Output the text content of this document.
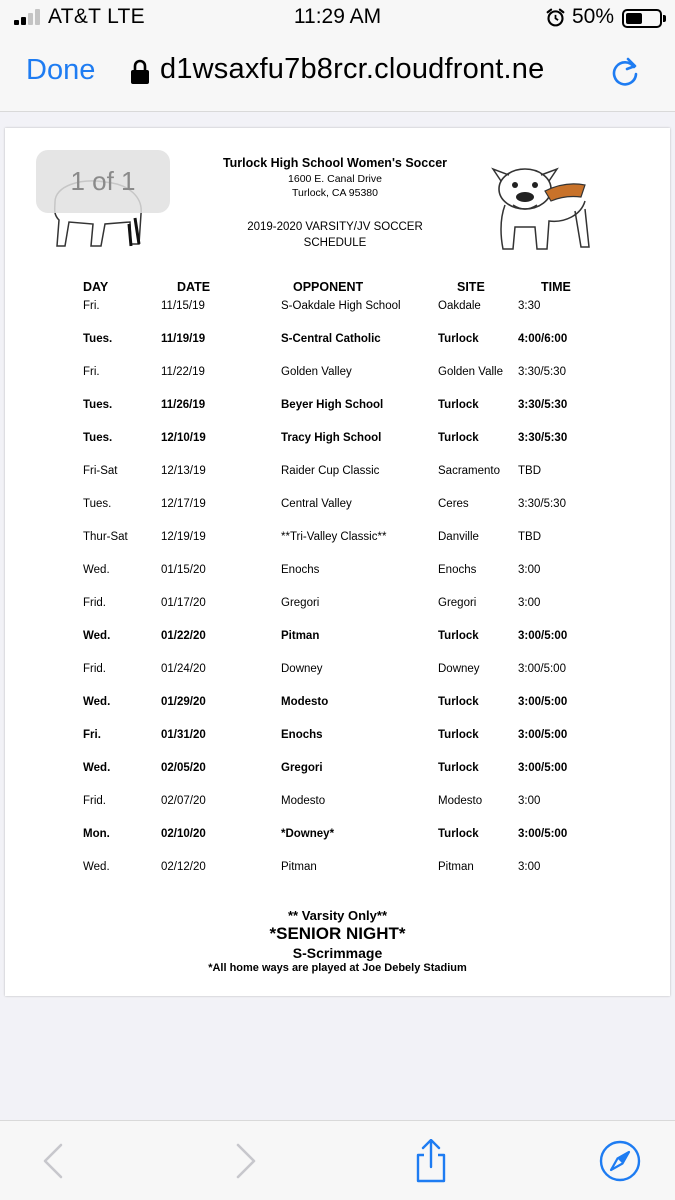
AT&T LTE	11:29 AM	50%
Done d1wsaxfu7b8rcr.cloudfront.ne
Turlock High School Women's Soccer
1600 E. Canal Drive
Turlock, CA 95380
2019-2020 VARSITY/JV SOCCER
SCHEDULE
1 of 1
DAY	DATE	OPPONENT	SITE	TIME
Fri.	11/15/19	S-Oakdale High School	Oakdale	3:30
Tues.	11/19/19	S-Central Catholic	Turlock	4:00/6:00
Fri.	11/22/19	Golden Valley	Golden Valle 3:30/5:30
Tues.	11/26/19	Beyer High School	Turlock	3:30/5:30
Tues.	12/10/19	Tracy High School	Turlock	3:30/5:30
Fri-Sat	12/13/19	Raider Cup Classic	Sacramento TBD
Tues.	12/17/19	Central Valley	Ceres	3:30/5:30
Thur-Sat	12/19/19	**Tri-Valley Classic**	Danville	TBD
Wed.	01/15/20	Enochs	Enochs	3:00
Frid.	01/17/20	Gregori	Gregori	3:00
Wed.	01/22/20	Pitman	Turlock	3:00/5:00
Frid.	01/24/20	Downey	Downey	3:00/5:00
Wed.	01/29/20	Modesto	Turlock	3:00/5:00
Fri.	01/31/20	Enochs	Turlock	3:00/5:00
Wed.	02/05/20	Gregori	Turlock	3:00/5:00
Frid.	02/07/20	Modesto	Modesto	3:00
Mon.	02/10/20	*Downey*	Turlock	3:00/5:00
Wed.	02/12/20	Pitman	Pitman	3:00
** Varsity Only**
*SENIOR NIGHT*
S-Scrimmage
*All home ways are played at Joe Debely Stadium
